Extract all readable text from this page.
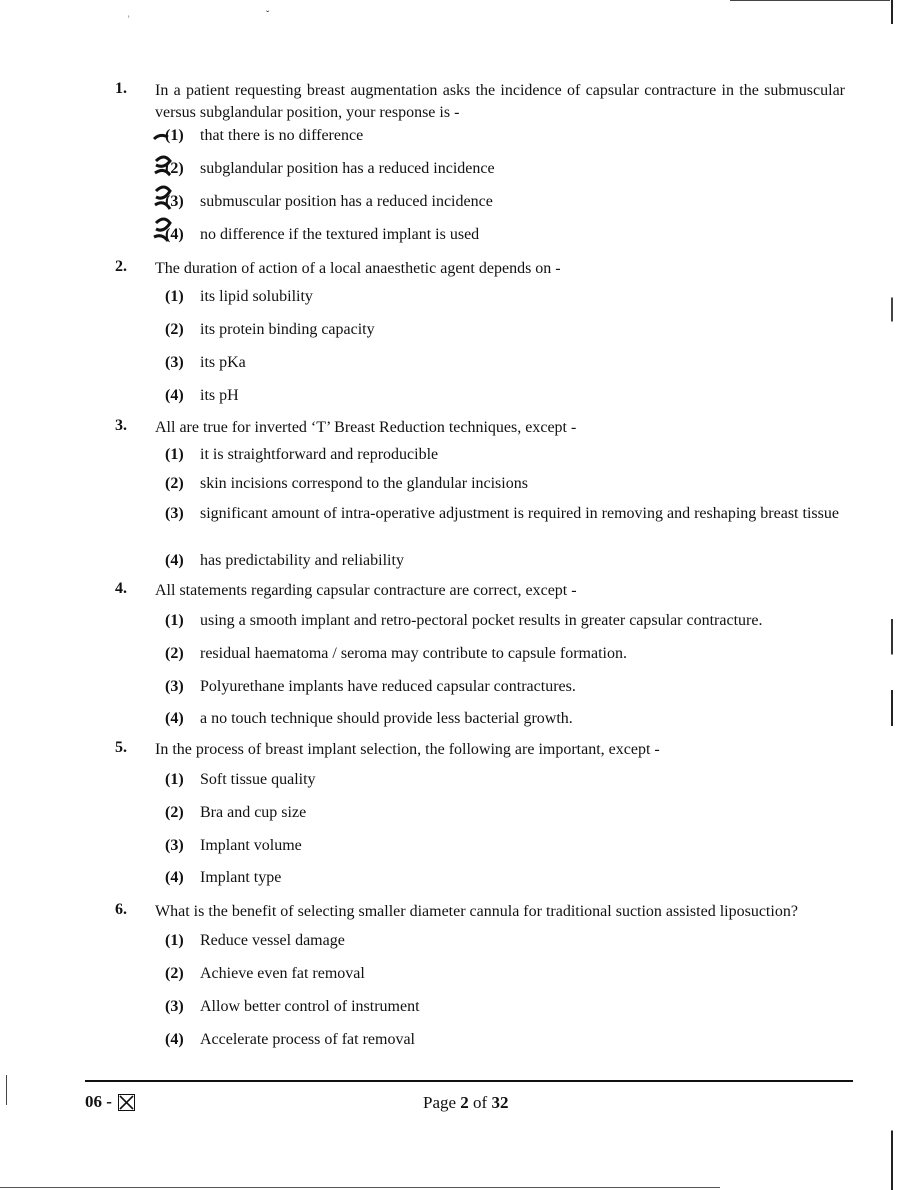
˒	ˇ
1. In a patient requesting breast augmentation asks the incidence of capsular contracture in the submuscular versus subglandular position, your response is -
(1) that there is no difference
(2) subglandular position has a reduced incidence
(3) submuscular position has a reduced incidence
(4) no difference if the textured implant is used
2. The duration of action of a local anaesthetic agent depends on -
(1) its lipid solubility
(2) its protein binding capacity
(3) its pKa
(4) its pH
3. All are true for inverted ‘T’ Breast Reduction techniques, except -
(1) it is straightforward and reproducible
(2) skin incisions correspond to the glandular incisions
(3) significant amount of intra-operative adjustment is required in removing and reshaping breast tissue
(4) has predictability and reliability
4. All statements regarding capsular contracture are correct, except -
(1) using a smooth implant and retro-pectoral pocket results in greater capsular contracture.
(2) residual haematoma / seroma may contribute to capsule formation.
(3) Polyurethane implants have reduced capsular contractures.
(4) a no touch technique should provide less bacterial growth.
5. In the process of breast implant selection, the following are important, except -
(1) Soft tissue quality
(2) Bra and cup size
(3) Implant volume
(4) Implant type
6. What is the benefit of selecting smaller diameter cannula for traditional suction assisted liposuction?
(1) Reduce vessel damage
(2) Achieve even fat removal
(3) Allow better control of instrument
(4) Accelerate process of fat removal
06 -	Page 2 of 32
